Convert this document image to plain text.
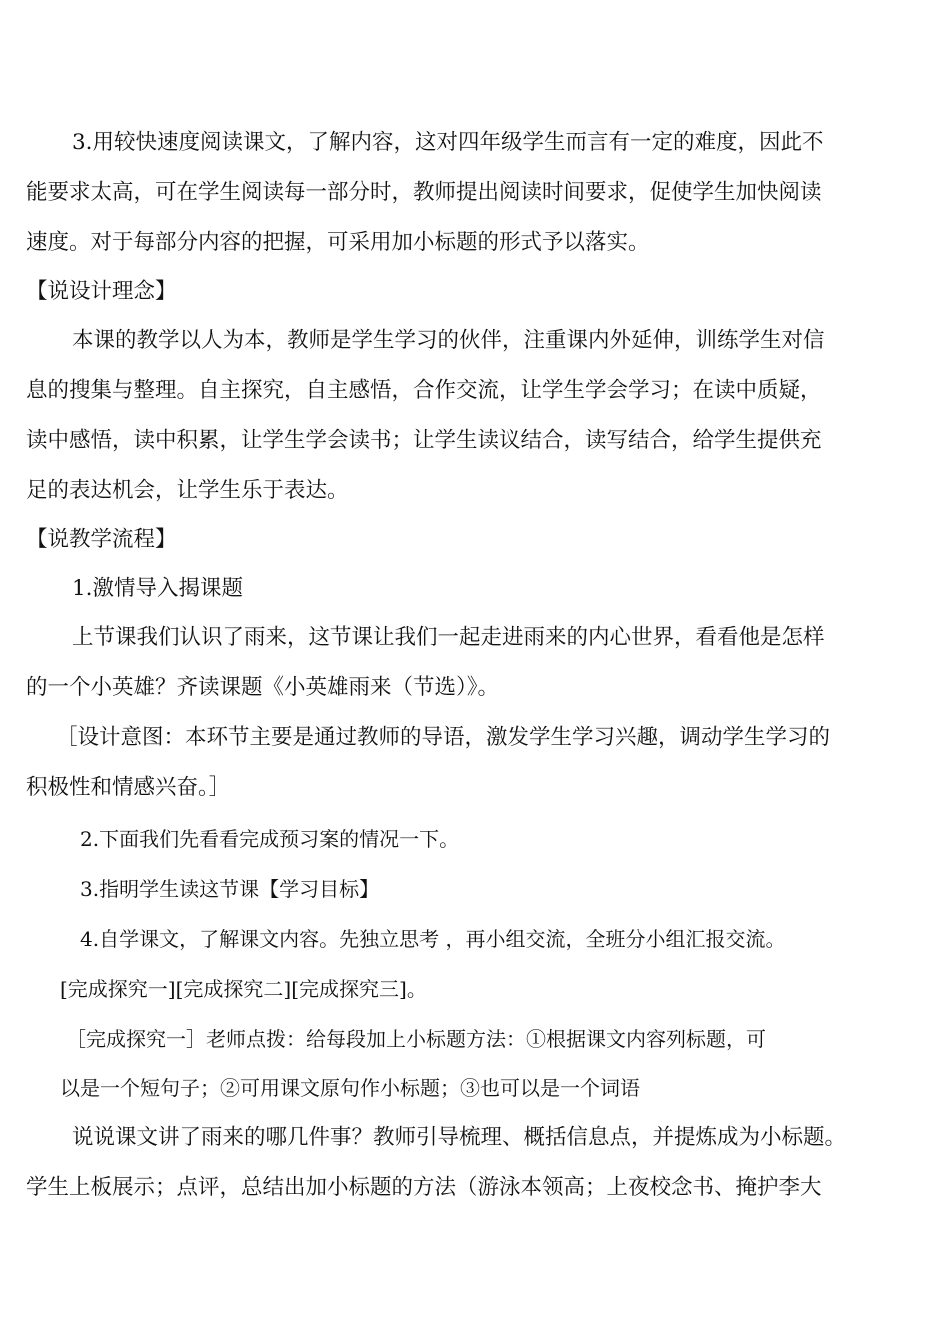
3.用较快速度阅读课文，了解内容，这对四年级学生而言有一定的难度，因此不
能要求太高，可在学生阅读每一部分时，教师提出阅读时间要求，促使学生加快阅读
速度。对于每部分内容的把握，可采用加小标题的形式予以落实。
【说设计理念】
本课的教学以人为本，教师是学生学习的伙伴，注重课内外延伸，训练学生对信
息的搜集与整理。自主探究，自主感悟，合作交流，让学生学会学习；在读中质疑，
读中感悟，读中积累，让学生学会读书；让学生读议结合，读写结合，给学生提供充
足的表达机会，让学生乐于表达。
【说教学流程】
1.激情导入揭课题
上节课我们认识了雨来，这节课让我们一起走进雨来的内心世界，看看他是怎样
的一个小英雄？齐读课题《小英雄雨来（节选）》。
［设计意图：本环节主要是通过教师的导语，激发学生学习兴趣，调动学生学习的
积极性和情感兴奋。］
2.下面我们先看看完成预习案的情况一下。
3.指明学生读这节课【学习目标】
4.自学课文，了解课文内容。先独立思考 ，再小组交流，全班分小组汇报交流。
[完成探究一][完成探究二][完成探究三]。
［完成探究一］老师点拨：给每段加上小标题方法：①根据课文内容列标题，可
以是一个短句子；②可用课文原句作小标题；③也可以是一个词语
说说课文讲了雨来的哪几件事？教师引导梳理、概括信息点，并提炼成为小标题。
学生上板展示；点评，总结出加小标题的方法（游泳本领高；上夜校念书、掩护李大
